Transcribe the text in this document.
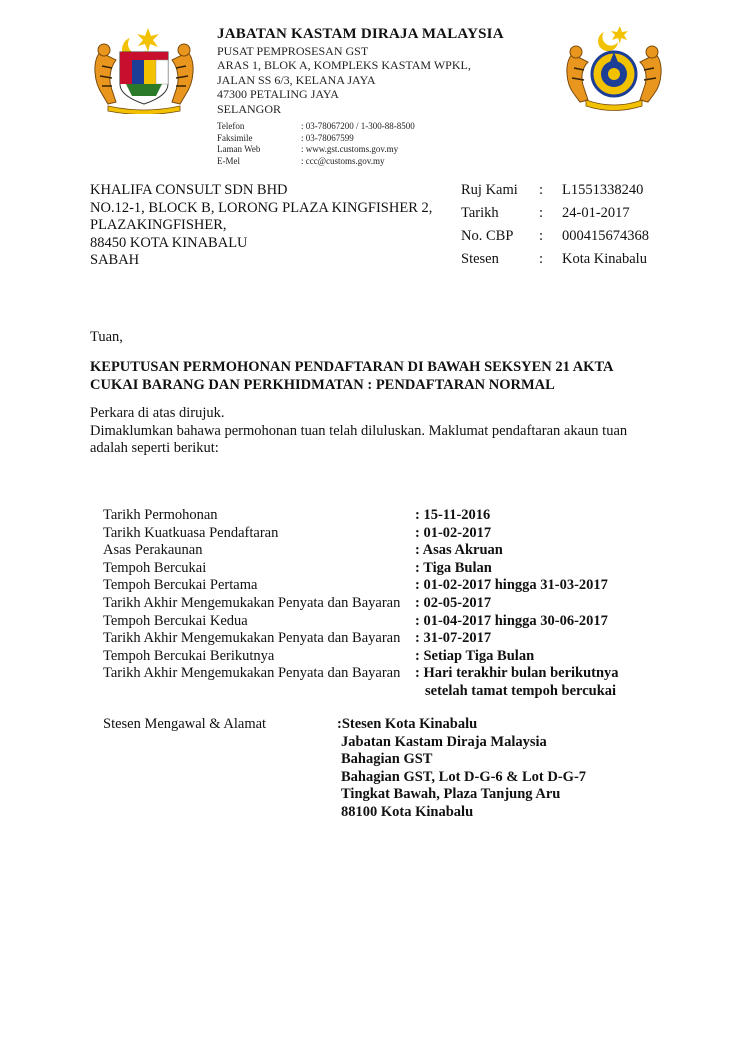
JABATAN KASTAM DIRAJA MALAYSIA
PUSAT PEMPROSESAN GST
ARAS 1, BLOK A, KOMPLEKS KASTAM WPKL,
JALAN SS 6/3, KELANA JAYA
47300 PETALING JAYA
SELANGOR
Telefon	: 03-78067200 / 1-300-88-8500
Faksimile	: 03-78067599
Laman Web	: www.gst.customs.gov.my
E-Mel	: ccc@customs.gov.my
KHALIFA CONSULT SDN BHD
NO.12-1, BLOCK B, LORONG PLAZA KINGFISHER 2,
PLAZAKINGFISHER,
88450 KOTA KINABALU
SABAH
Ruj Kami	:	L1551338240
Tarikh	:	24-01-2017
No. CBP	:	000415674368
Stesen	:	Kota Kinabalu
Tuan,
KEPUTUSAN PERMOHONAN PENDAFTARAN DI BAWAH SEKSYEN 21 AKTA
CUKAI BARANG DAN PERKHIDMATAN : PENDAFTARAN NORMAL
Perkara di atas dirujuk.
Dimaklumkan bahawa permohonan tuan telah diluluskan. Maklumat pendaftaran akaun tuan
adalah seperti berikut:
Tarikh Permohonan	: 15-11-2016
Tarikh Kuatkuasa Pendaftaran	: 01-02-2017
Asas Perakaunan	: Asas Akruan
Tempoh Bercukai	: Tiga Bulan
Tempoh Bercukai Pertama	: 01-02-2017 hingga 31-03-2017
Tarikh Akhir Mengemukakan Penyata dan Bayaran	: 02-05-2017
Tempoh Bercukai Kedua	: 01-04-2017 hingga 30-06-2017
Tarikh Akhir Mengemukakan Penyata dan Bayaran	: 31-07-2017
Tempoh Bercukai Berikutnya	: Setiap Tiga Bulan
Tarikh Akhir Mengemukakan Penyata dan Bayaran	: Hari terakhir bulan berikutnya
setelah tamat tempoh bercukai
Stesen Mengawal & Alamat	:Stesen Kota Kinabalu
Jabatan Kastam Diraja Malaysia
Bahagian GST
Bahagian GST, Lot D-G-6 & Lot D-G-7
Tingkat Bawah, Plaza Tanjung Aru
88100 Kota Kinabalu
